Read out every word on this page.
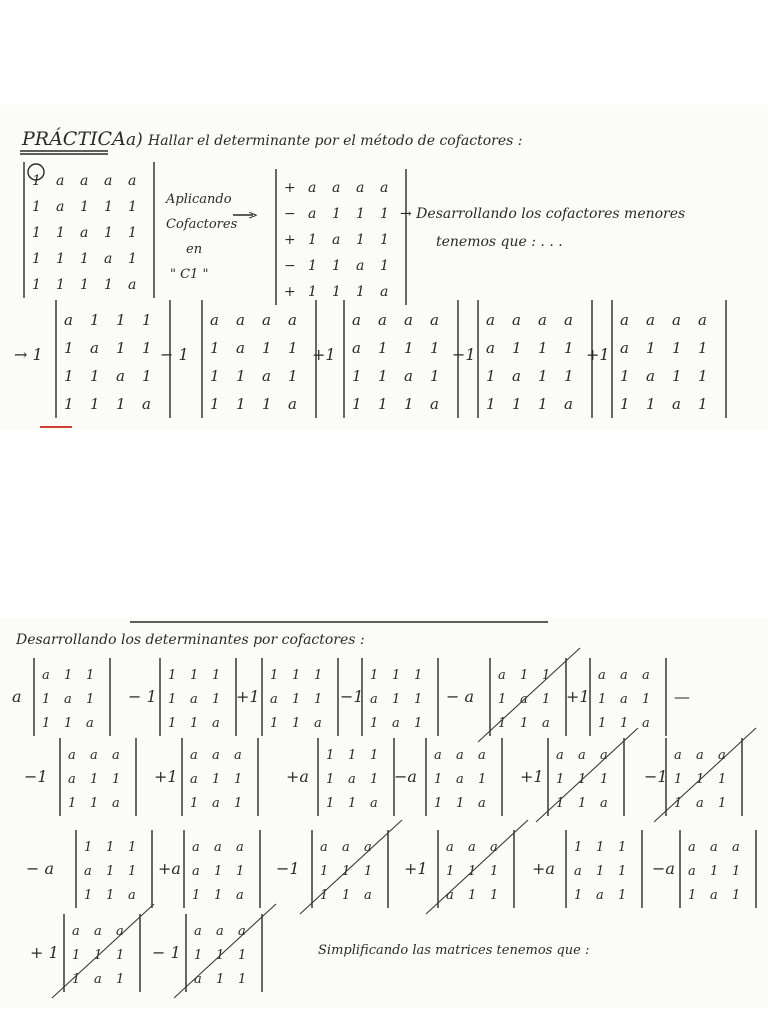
PRÁCTICA a) Hallar el determinante por el método de cofactores :
1 a a a a
1 a 1 1 1
1 1 a 1 1
1 1 1 a 1
1 1 1 1 a
Aplicando
Cofactores
en
" C1 "
>
+ a a a a
− a 1 1 1
+ 1 a 1 1
− 1 1 a 1
+ 1 1 1 a
→ Desarrollando los cofactores menores
tenemos que : . . .
→ 1
a 1 1 1
1 a 1 1
1 1 a 1
1 1 1 a
− 1
a a a a
1 a 1 1
1 1 a 1
1 1 1 a
+1
a a a a
a 1 1 1
1 1 a 1
1 1 1 a
−1
a a a a
a 1 1 1
1 a 1 1
1 1 1 a
+1
a a a a
a 1 1 1
1 a 1 1
1 1 a 1
Desarrollando los determinantes por cofactores :
a
a 1 1
1 a 1
1 1 a
− 1
1 1 1
1 a 1
1 1 a
+1
1 1 1
a 1 1
1 1 a
−1
1 1 1
a 1 1
1 a 1
− a
a 1 1
1 a 1
1 1 a
+1
a a a
1 a 1
1 1 a
−1
a a a
a 1 1
1 1 a
+1
a a a
a 1 1
1 a 1
+a
1 1 1
1 a 1
1 1 a
−a
a a a
1 a 1
1 1 a
+1
a a a
1 1 1
1 1 a
−1
a a a
1 1 1
1 a 1
− a
1 1 1
a 1 1
1 1 a
+a
a a a
a 1 1
1 1 a
−1
a a a
1 1 1
1 1 a
+1
a a a
1 1 1
a 1 1
+a
1 1 1
a 1 1
1 a 1
−a
a a a
a 1 1
1 a 1
+ 1
a a a
1 1 1
1 a 1
− 1
a a a
1 1 1
a 1 1
—
Simplificando las matrices tenemos que :
